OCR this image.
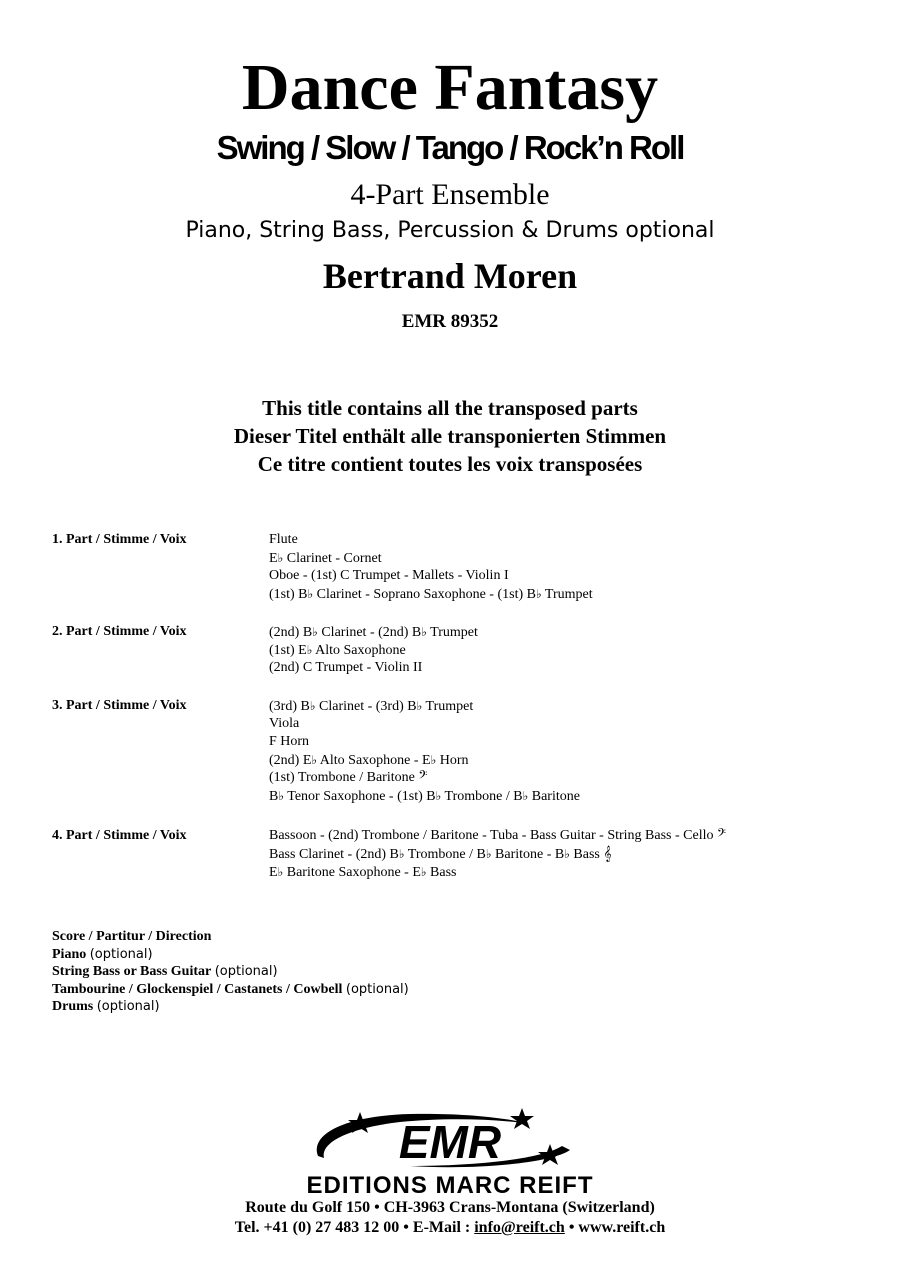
Dance Fantasy
Swing / Slow / Tango / Rock’n Roll
4-Part Ensemble
Piano, String Bass, Percussion & Drums optional
Bertrand Moren
EMR 89352
This title contains all the transposed parts
Dieser Titel enthält alle transponierten Stimmen
Ce titre contient toutes les voix transposées
1. Part / Stimme / Voix	Flute
E♭ Clarinet - Cornet
Oboe - (1st) C Trumpet - Mallets - Violin I
(1st) B♭ Clarinet - Soprano Saxophone - (1st) B♭ Trumpet
2. Part / Stimme / Voix	(2nd) B♭ Clarinet - (2nd) B♭ Trumpet
(1st) E♭ Alto Saxophone
(2nd) C Trumpet - Violin II
3. Part / Stimme / Voix	(3rd) B♭ Clarinet - (3rd) B♭ Trumpet
Viola
F Horn
(2nd) E♭ Alto Saxophone - E♭ Horn
(1st) Trombone / Baritone 𝄢
B♭ Tenor Saxophone - (1st) B♭ Trombone / B♭ Baritone
4. Part / Stimme / Voix	Bassoon - (2nd) Trombone / Baritone - Tuba - Bass Guitar - String Bass - Cello 𝄢
Bass Clarinet - (2nd) B♭ Trombone / B♭ Baritone - B♭ Bass 𝄞
E♭ Baritone Saxophone - E♭ Bass
Score / Partitur / Direction
Piano (optional)
String Bass or Bass Guitar (optional)
Tambourine / Glockenspiel / Castanets / Cowbell (optional)
Drums (optional)
EMR
EDITIONS MARC REIFT
Route du Golf 150 • CH-3963 Crans-Montana (Switzerland)
Tel. +41 (0) 27 483 12 00 • E-Mail : info@reift.ch • www.reift.ch
